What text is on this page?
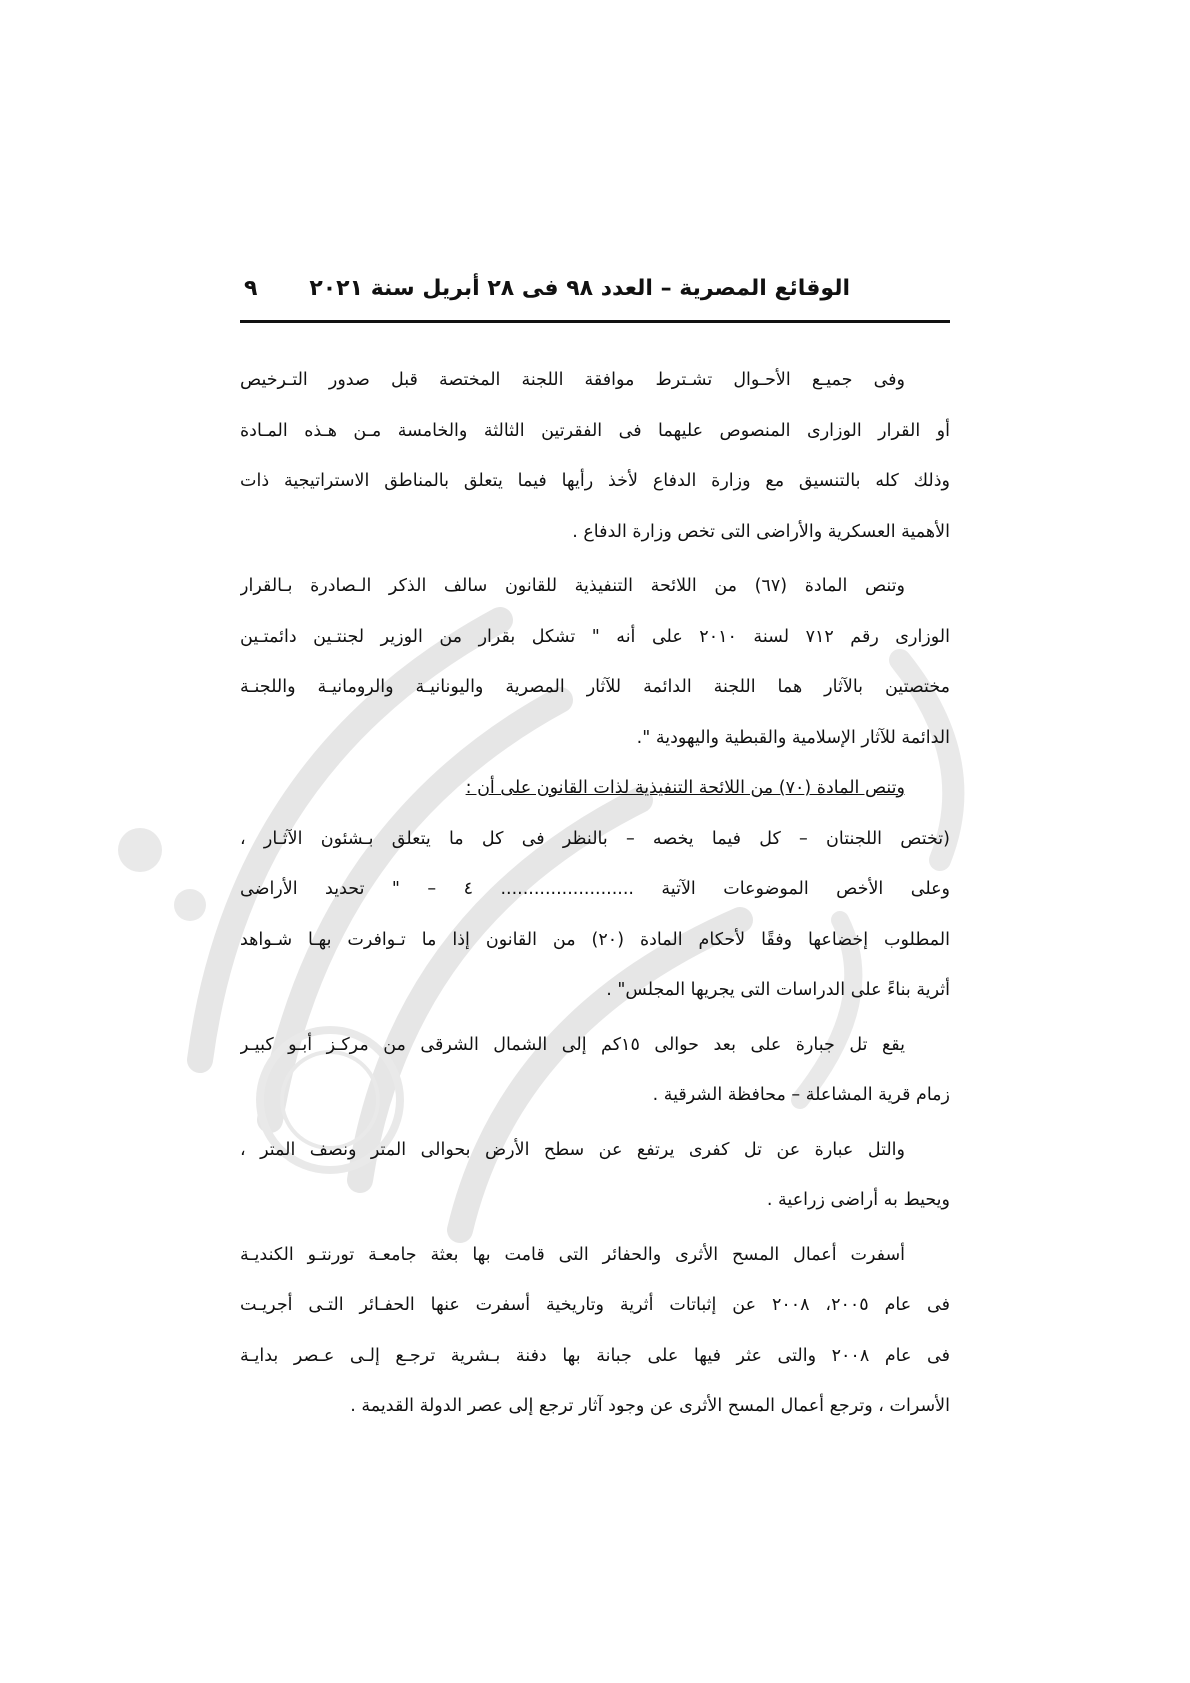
الوقائع المصرية – العدد ٩٨ فى ٢٨ أبريل سنة ٢٠٢١
٩
وفى جميـع الأحـوال تشـترط موافقة اللجنة المختصة قبل صدور التـرخيص
أو القرار الوزارى المنصوص عليهما فى الفقرتين الثالثة والخامسة مـن هـذه المـادة
وذلك كله بالتنسيق مع وزارة الدفاع لأخذ رأيها فيما يتعلق بالمناطق الاستراتيجية ذات
الأهمية العسكرية والأراضى التى تخص وزارة الدفاع .
وتنص المادة (٦٧) من اللائحة التنفيذية للقانون سالف الذكر الـصادرة بـالقرار
الوزارى رقم ٧١٢ لسنة ٢٠١٠ على أنه " تشكل بقرار من الوزير لجنتـين دائمتـين
مختصتين بالآثار هما اللجنة الدائمة للآثار المصرية واليونانيـة والرومانيـة واللجنـة
الدائمة للآثار الإسلامية والقبطية واليهودية ".
وتنص المادة (٧٠) من اللائحة التنفيذية لذات القانون على أن :
(تختص اللجنتان – كل فيما يخصه – بالنظر فى كل ما يتعلق بـشئون الآثـار ،
وعلى الأخص الموضوعات الآتية ........................ ٤ – " تحديد الأراضى
المطلوب إخضاعها وفقًا لأحكام المادة (٢٠) من القانون إذا ما تـوافرت بهـا شـواهد
أثرية بناءً على الدراسات التى يجريها المجلس" .
يقع تل جبارة على بعد حوالى ١٥كم إلى الشمال الشرقى من مركـز أبـو كبيـر
زمام قرية المشاعلة – محافظة الشرقية .
والتل عبارة عن تل كفرى يرتفع عن سطح الأرض بحوالى المتر ونصف المتر ،
ويحيط به أراضى زراعية .
أسفرت أعمال المسح الأثرى والحفائر التى قامت بها بعثة جامعـة تورنتـو الكنديـة
فى عام ٢٠٠٥، ٢٠٠٨ عن إثباتات أثرية وتاريخية أسفرت عنها الحفـائر التـى أجريـت
فى عام ٢٠٠٨ والتى عثر فيها على جبانة بها دفنة بـشرية ترجـع إلـى عـصر بدايـة
الأسرات ، وترجع أعمال المسح الأثرى عن وجود آثار ترجع إلى عصر الدولة القديمة .
